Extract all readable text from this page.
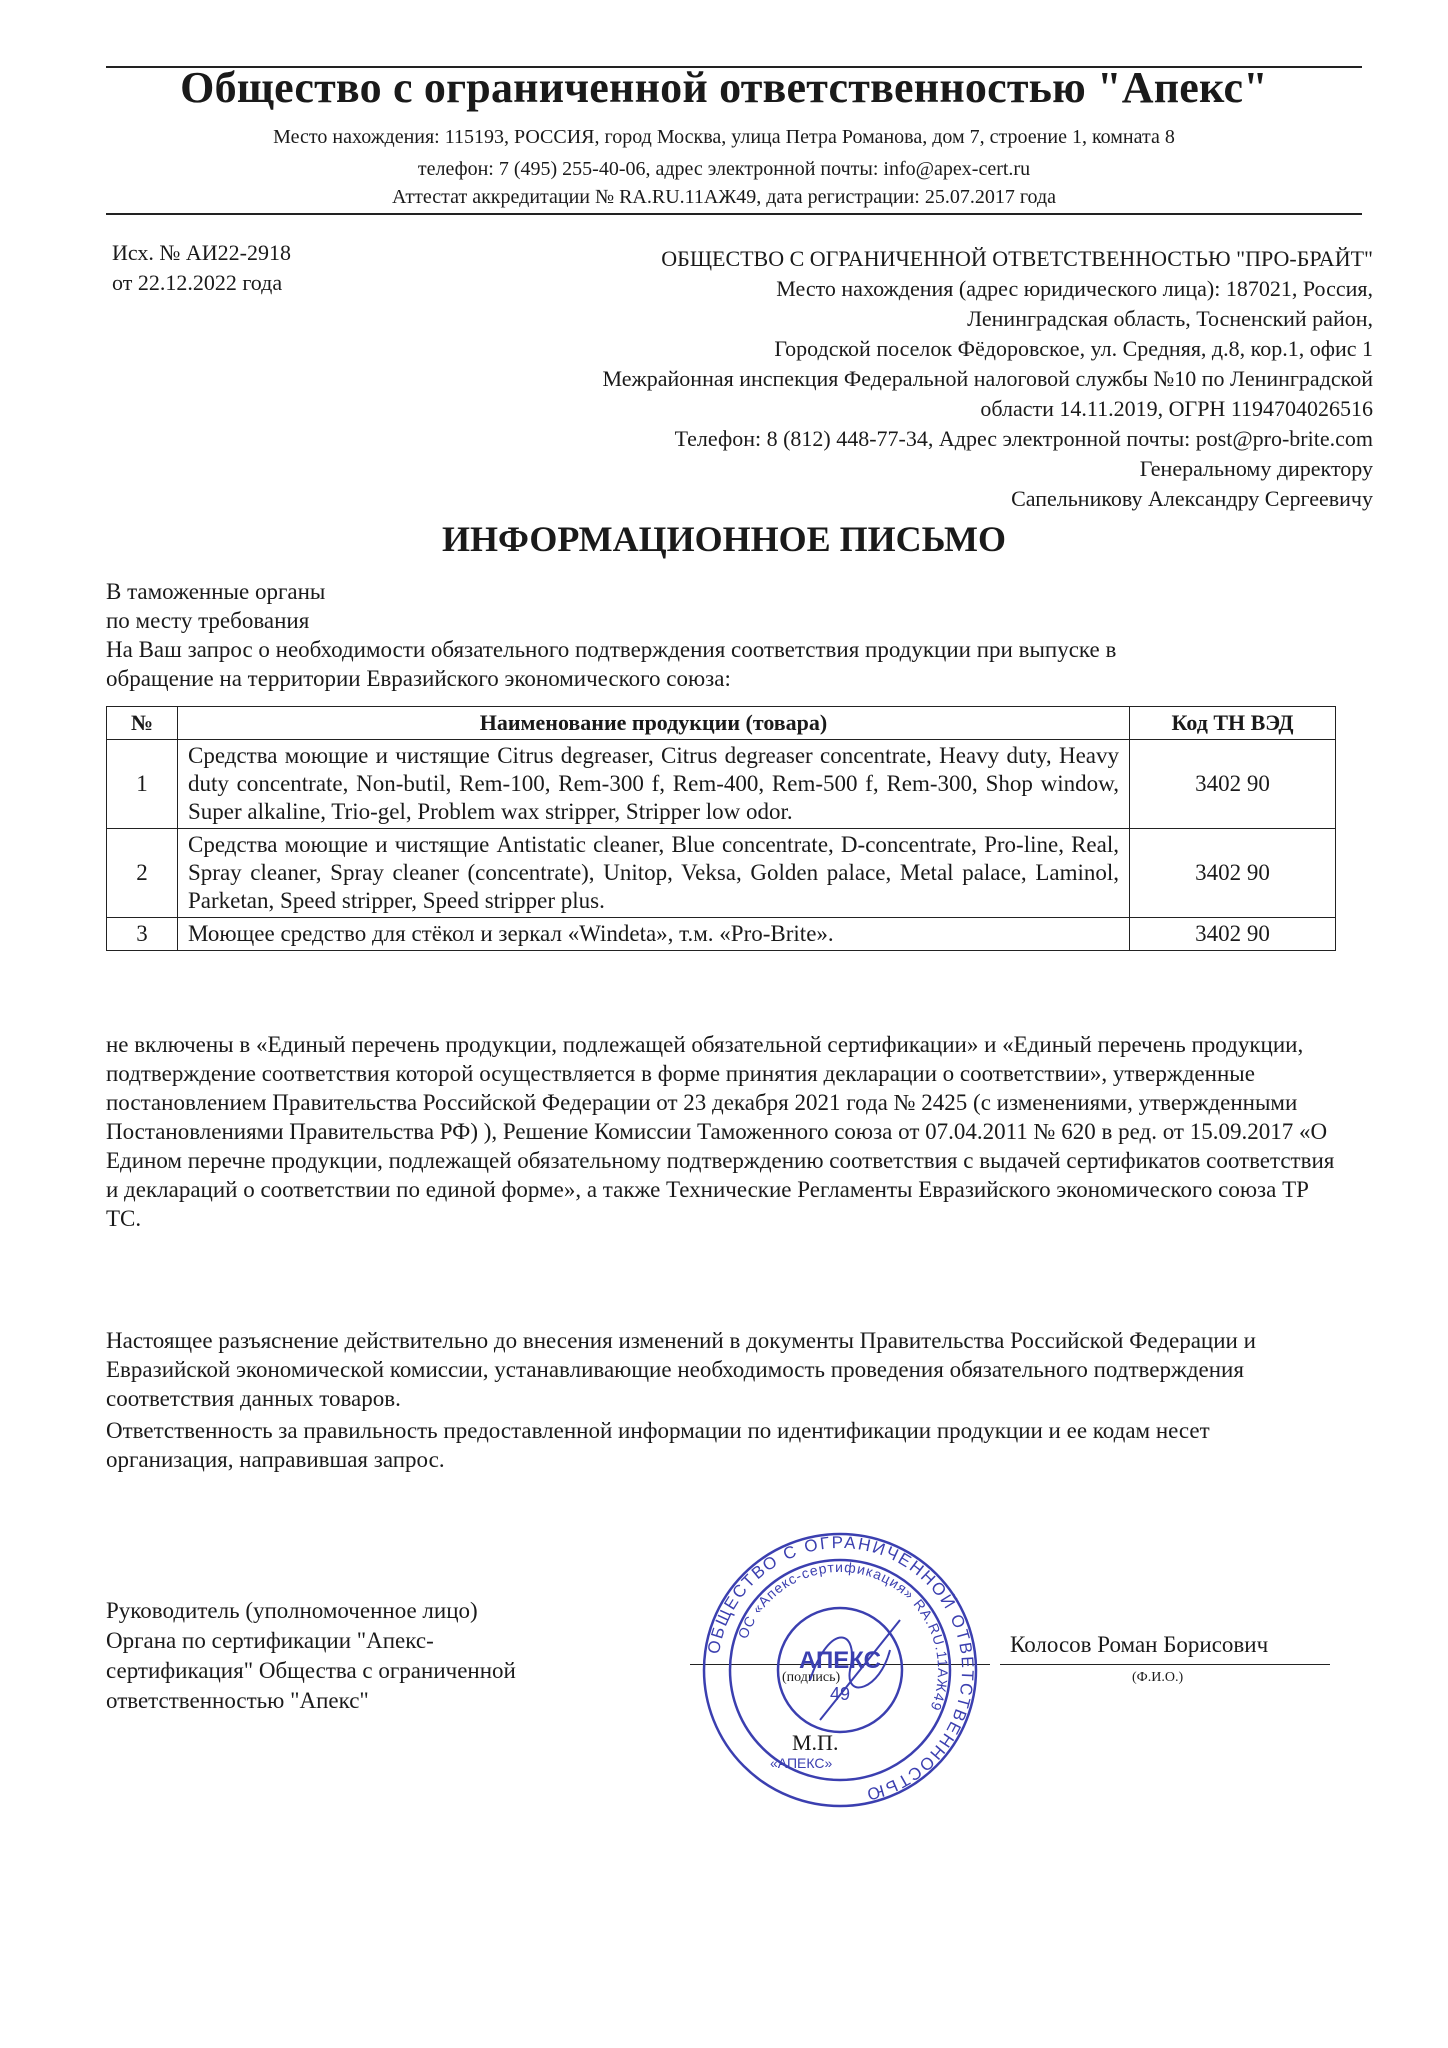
Общество с ограниченной ответственностью "Апекс"
Место нахождения: 115193, РОССИЯ, город Москва, улица Петра Романова, дом 7, строение 1, комната 8
телефон: 7 (495) 255-40-06, адрес электронной почты: info@apex-cert.ru
Аттестат аккредитации № RA.RU.11АЖ49, дата регистрации: 25.07.2017 года
Исх. № АИ22-2918
от 22.12.2022 года
ОБЩЕСТВО С ОГРАНИЧЕННОЙ ОТВЕТСТВЕННОСТЬЮ "ПРО-БРАЙТ"
Место нахождения (адрес юридического лица): 187021, Россия,
Ленинградская область, Тосненский район,
Городской поселок Фёдоровское, ул. Средняя, д.8, кор.1, офис 1
Межрайонная инспекция Федеральной налоговой службы №10 по Ленинградской
области 14.11.2019, ОГРН 1194704026516
Телефон: 8 (812) 448-77-34, Адрес электронной почты: post@pro-brite.com
Генеральному директору
Сапельникову Александру Сергеевичу
ИНФОРМАЦИОННОЕ ПИСЬМО
В таможенные органы
по месту требования
На Ваш запрос о необходимости обязательного подтверждения соответствия продукции при выпуске в
обращение на территории Евразийского экономического союза:
№	Наименование продукции (товара)	Код ТН ВЭД
1	Средства моющие и чистящие Citrus degreaser, Citrus degreaser concentrate, Heavy duty, Heavy duty concentrate, Non-butil, Rem-100, Rem-300 f, Rem-400, Rem-500 f, Rem-300, Shop window, Super alkaline, Trio-gel, Problem wax stripper, Stripper low odor.	3402 90
2	Средства моющие и чистящие Antistatic cleaner, Blue concentrate, D-concentrate, Pro-line, Real, Spray cleaner, Spray cleaner (concentrate), Unitop, Veksa, Golden palace, Metal palace, Laminol, Parketan, Speed stripper, Speed stripper plus.	3402 90
3	Моющее средство для стёкол и зеркал «Windeta», т.м. «Pro-Brite».	3402 90
не включены в «Единый перечень продукции, подлежащей обязательной сертификации» и «Единый перечень продукции, подтверждение соответствия которой осуществляется в форме принятия декларации о соответствии», утвержденные постановлением Правительства Российской Федерации от 23 декабря 2021 года № 2425 (с изменениями, утвержденными Постановлениями Правительства РФ) ), Решение Комиссии Таможенного союза от 07.04.2011 № 620 в ред. от 15.09.2017 «О Едином перечне продукции, подлежащей обязательному подтверждению соответствия с выдачей сертификатов соответствия и деклараций о соответствии по единой форме», а также Технические Регламенты Евразийского экономического союза ТР ТС.
Настоящее разъяснение действительно до внесения изменений в документы Правительства Российской Федерации и Евразийской экономической комиссии, устанавливающие необходимость проведения обязательного подтверждения соответствия данных товаров.
Ответственность за правильность предоставленной информации по идентификации продукции и ее кодам несет организация, направившая запрос.
Руководитель (уполномоченное лицо)
Органа по сертификации "Апекс-
сертификация" Общества с ограниченной
ответственностью "Апекс"
(подпись)
Колосов Роман Борисович
(Ф.И.О.)
М.П.
ОБЩЕСТВО С ОГРАНИЧЕННОЙ ОТВЕТСТВЕННОСТЬЮ
ОС «Апекс-сертификация» RA.RU.11АЖ49
«АПЕКС»
АПЕКС
49
